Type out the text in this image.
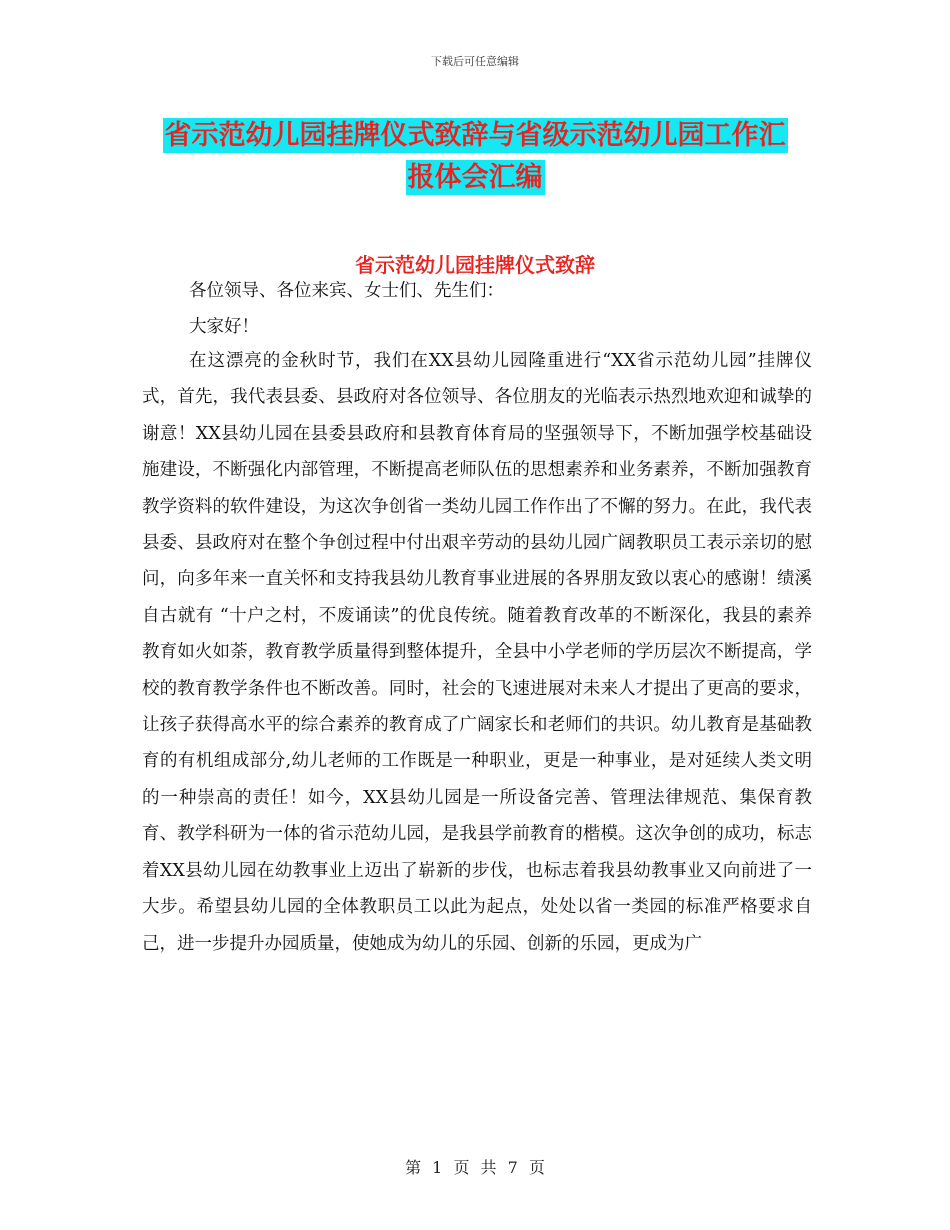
下载后可任意编辑
省示范幼儿园挂牌仪式致辞与省级示范幼儿园工作汇
报体会汇编
省示范幼儿园挂牌仪式致辞

各位领导、各位来宾、女士们、先生们：

大家好！

在这漂亮的金秋时节，我们在XX县幼儿园隆重进行“XX省示范幼儿园”挂牌仪式，首先，我代表县委、县政府对各位领导、各位朋友的光临表示热烈地欢迎和诚挚的谢意！XX县幼儿园在县委县政府和县教育体育局的坚强领导下，不断加强学校基础设施建设，不断强化内部管理，不断提高老师队伍的思想素养和业务素养，不断加强教育教学资料的软件建设，为这次争创省一类幼儿园工作作出了不懈的努力。在此，我代表县委、县政府对在整个争创过程中付出艰辛劳动的县幼儿园广阔教职员工表示亲切的慰问，向多年来一直关怀和支持我县幼儿教育事业进展的各界朋友致以衷心的感谢！绩溪自古就有 “十户之村，不废诵读”的优良传统。随着教育改革的不断深化，我县的素养教育如火如荼，教育教学质量得到整体提升，全县中小学老师的学历层次不断提高，学校的教育教学条件也不断改善。同时，社会的飞速进展对未来人才提出了更高的要求，让孩子获得高水平的综合素养的教育成了广阔家长和老师们的共识。幼儿教育是基础教育的有机组成部分,幼儿老师的工作既是一种职业，更是一种事业，是对延续人类文明的一种崇高的责任！如今，XX县幼儿园是一所设备完善、管理法律规范、集保育教育、教学科研为一体的省示范幼儿园，是我县学前教育的楷模。这次争创的成功，标志着XX县幼儿园在幼教事业上迈出了崭新的步伐，也标志着我县幼教事业又向前进了一大步。希望县幼儿园的全体教职员工以此为起点，处处以省一类园的标准严格要求自己，进一步提升办园质量，使她成为幼儿的乐园、创新的乐园，更成为广
第 1 页 共 7 页
